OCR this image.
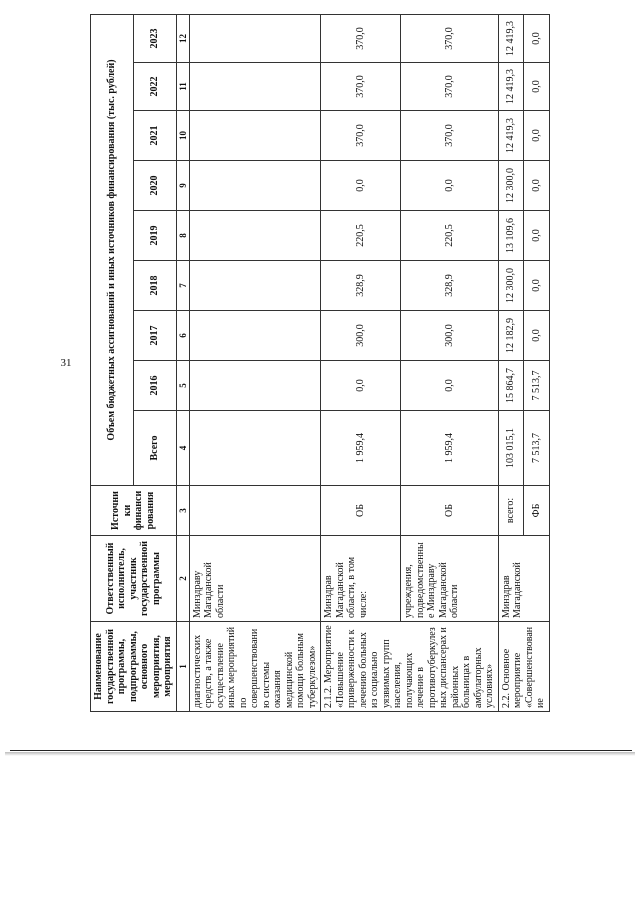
31
Наименование государственной программы, подпрограммы, основного мероприятия, мероприятия	Ответственный исполнитель, участник государственной программы	Источники финансирования	Объем бюджетных ассигнований и иных источников финансирования (тыс. рублей)								
			Всего	2016	2017	2018	2019	2020	2021	2022	2023
1	2	3	4	5	6	7	8	9	10	11	12
диагностических средств, а также осуществление иных мероприятий по совершенствованию системы оказания медицинской помощи больным туберкулезом»	Минздраву Магаданской области										
2.1.2. Мероприятие «Повышение приверженности к лечению больных из социально уязвимых групп населения, получающих лечение в противотуберкулезных диспансерах и районных больницах в амбулаторных условиях»	Минздрав Магаданской области, в том числе:	ОБ	1 959,4	0,0	300,0	328,9	220,5	0,0	370,0	370,0	370,0
	учреждения, подведомственные Минздраву Магаданской области	ОБ	1 959,4	0,0	300,0	328,9	220,5	0,0	370,0	370,0	370,0
2.2. Основное мероприятие «Совершенствование	Минздрав Магаданской	всего:	103 015,1	15 864,7	12 182,9	12 300,0	13 109,6	12 300,0	12 419,3	12 419,3	12 419,3
		ФБ	7 513,7	7 513,7	0,0	0,0	0,0	0,0	0,0	0,0	0,0
